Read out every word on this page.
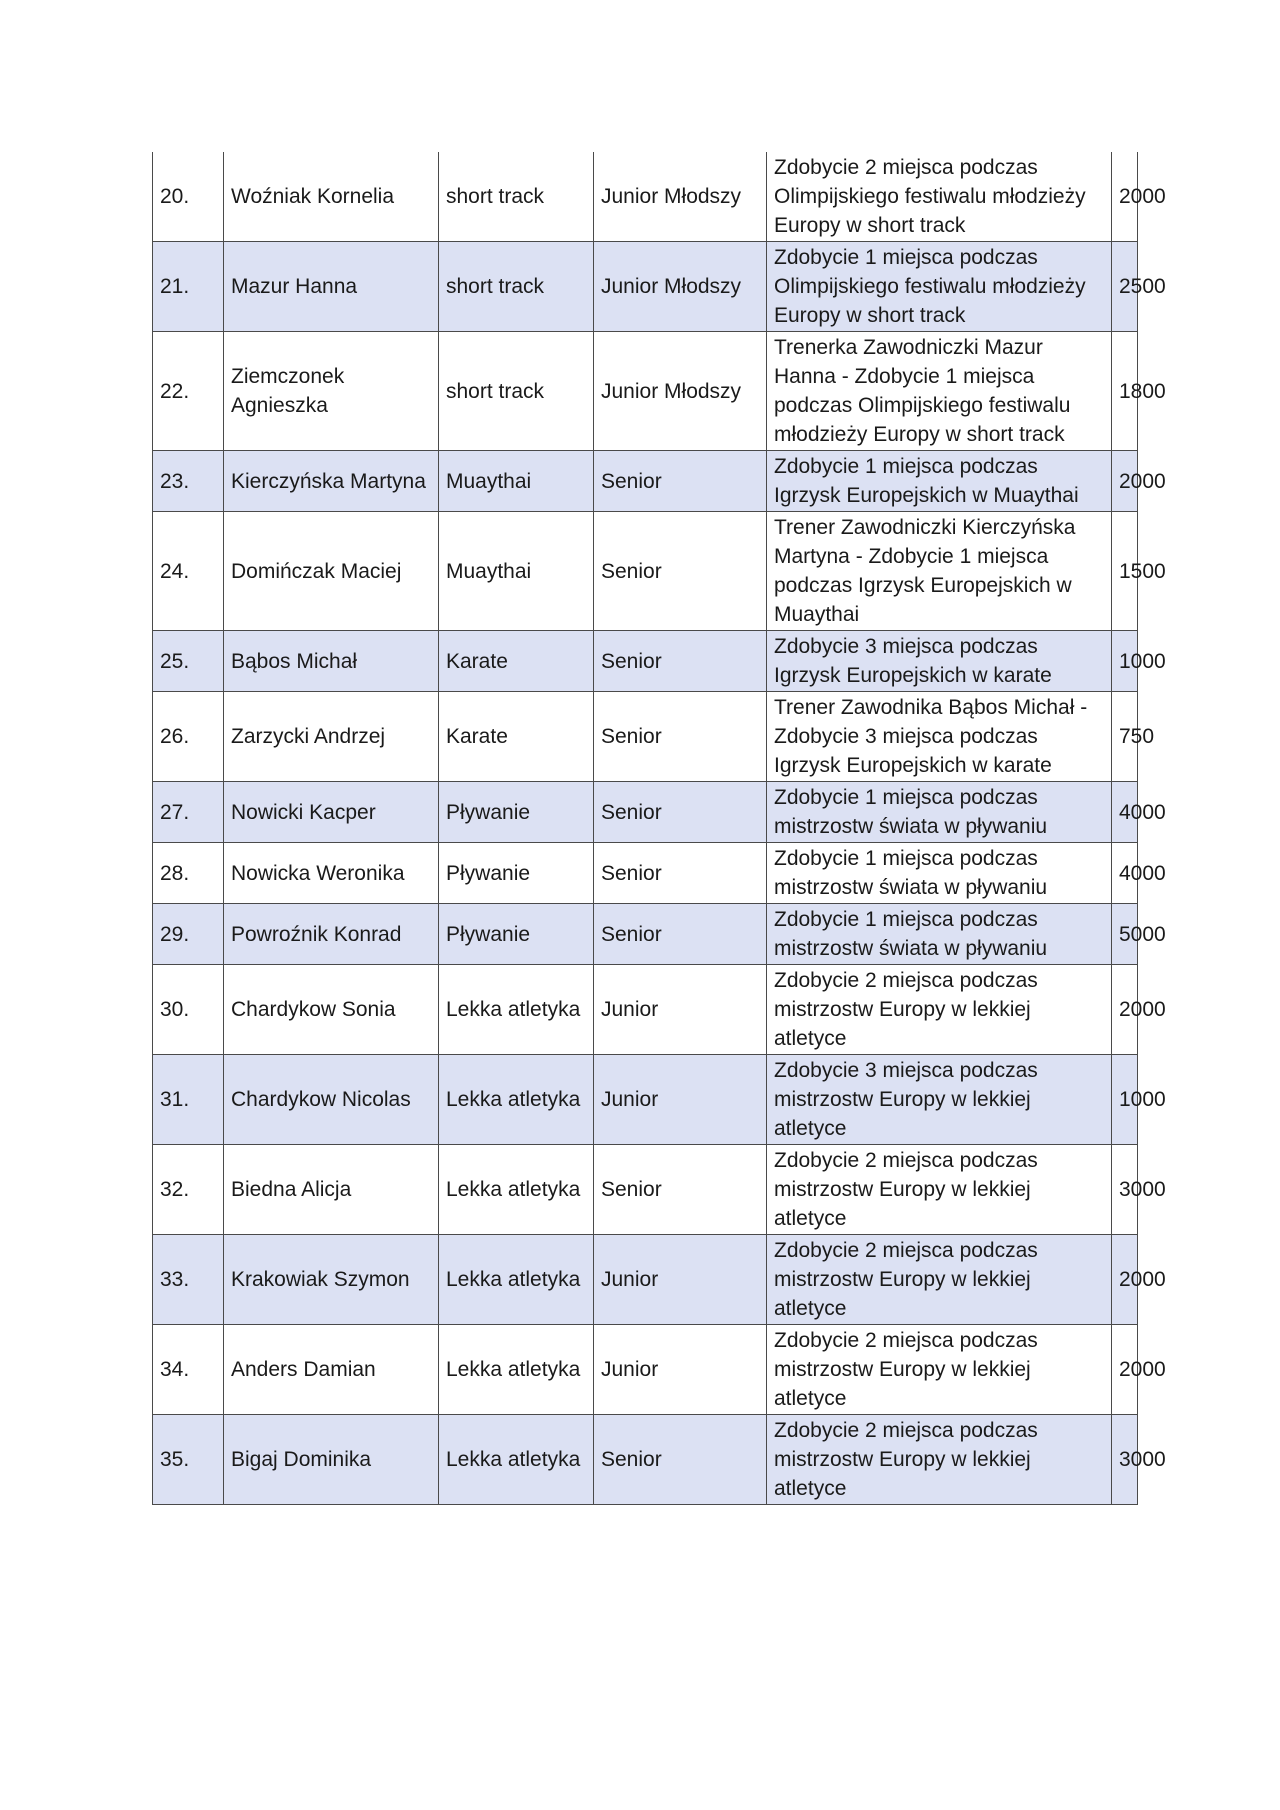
20.	Woźniak Kornelia	short track	Junior Młodszy	Zdobycie 2 miejsca podczas Olimpijskiego festiwalu młodzieży Europy w short track	2000
21.	Mazur Hanna	short track	Junior Młodszy	Zdobycie 1 miejsca podczas Olimpijskiego festiwalu młodzieży Europy w short track	2500
22.	Ziemczonek Agnieszka	short track	Junior Młodszy	Trenerka Zawodniczki Mazur Hanna - Zdobycie 1 miejsca podczas Olimpijskiego festiwalu młodzieży Europy w short track	1800
23.	Kierczyńska Martyna	Muaythai	Senior	Zdobycie 1 miejsca podczas Igrzysk Europejskich w Muaythai	2000
24.	Domińczak Maciej	Muaythai	Senior	Trener Zawodniczki Kierczyńska Martyna - Zdobycie 1 miejsca podczas Igrzysk Europejskich w Muaythai	1500
25.	Bąbos Michał	Karate	Senior	Zdobycie 3 miejsca podczas Igrzysk Europejskich w karate	1000
26.	Zarzycki Andrzej	Karate	Senior	Trener Zawodnika Bąbos Michał - Zdobycie 3 miejsca podczas Igrzysk Europejskich w karate	750
27.	Nowicki Kacper	Pływanie	Senior	Zdobycie 1 miejsca podczas mistrzostw świata w pływaniu	4000
28.	Nowicka Weronika	Pływanie	Senior	Zdobycie 1 miejsca podczas mistrzostw świata w pływaniu	4000
29.	Powroźnik Konrad	Pływanie	Senior	Zdobycie 1 miejsca podczas mistrzostw świata w pływaniu	5000
30.	Chardykow Sonia	Lekka atletyka	Junior	Zdobycie 2 miejsca podczas mistrzostw Europy w lekkiej atletyce	2000
31.	Chardykow Nicolas	Lekka atletyka	Junior	Zdobycie 3 miejsca podczas mistrzostw Europy w lekkiej atletyce	1000
32.	Biedna Alicja	Lekka atletyka	Senior	Zdobycie 2 miejsca podczas mistrzostw Europy w lekkiej atletyce	3000
33.	Krakowiak Szymon	Lekka atletyka	Junior	Zdobycie 2 miejsca podczas mistrzostw Europy w lekkiej atletyce	2000
34.	Anders Damian	Lekka atletyka	Junior	Zdobycie 2 miejsca podczas mistrzostw Europy w lekkiej atletyce	2000
35.	Bigaj Dominika	Lekka atletyka	Senior	Zdobycie 2 miejsca podczas mistrzostw Europy w lekkiej atletyce	3000
